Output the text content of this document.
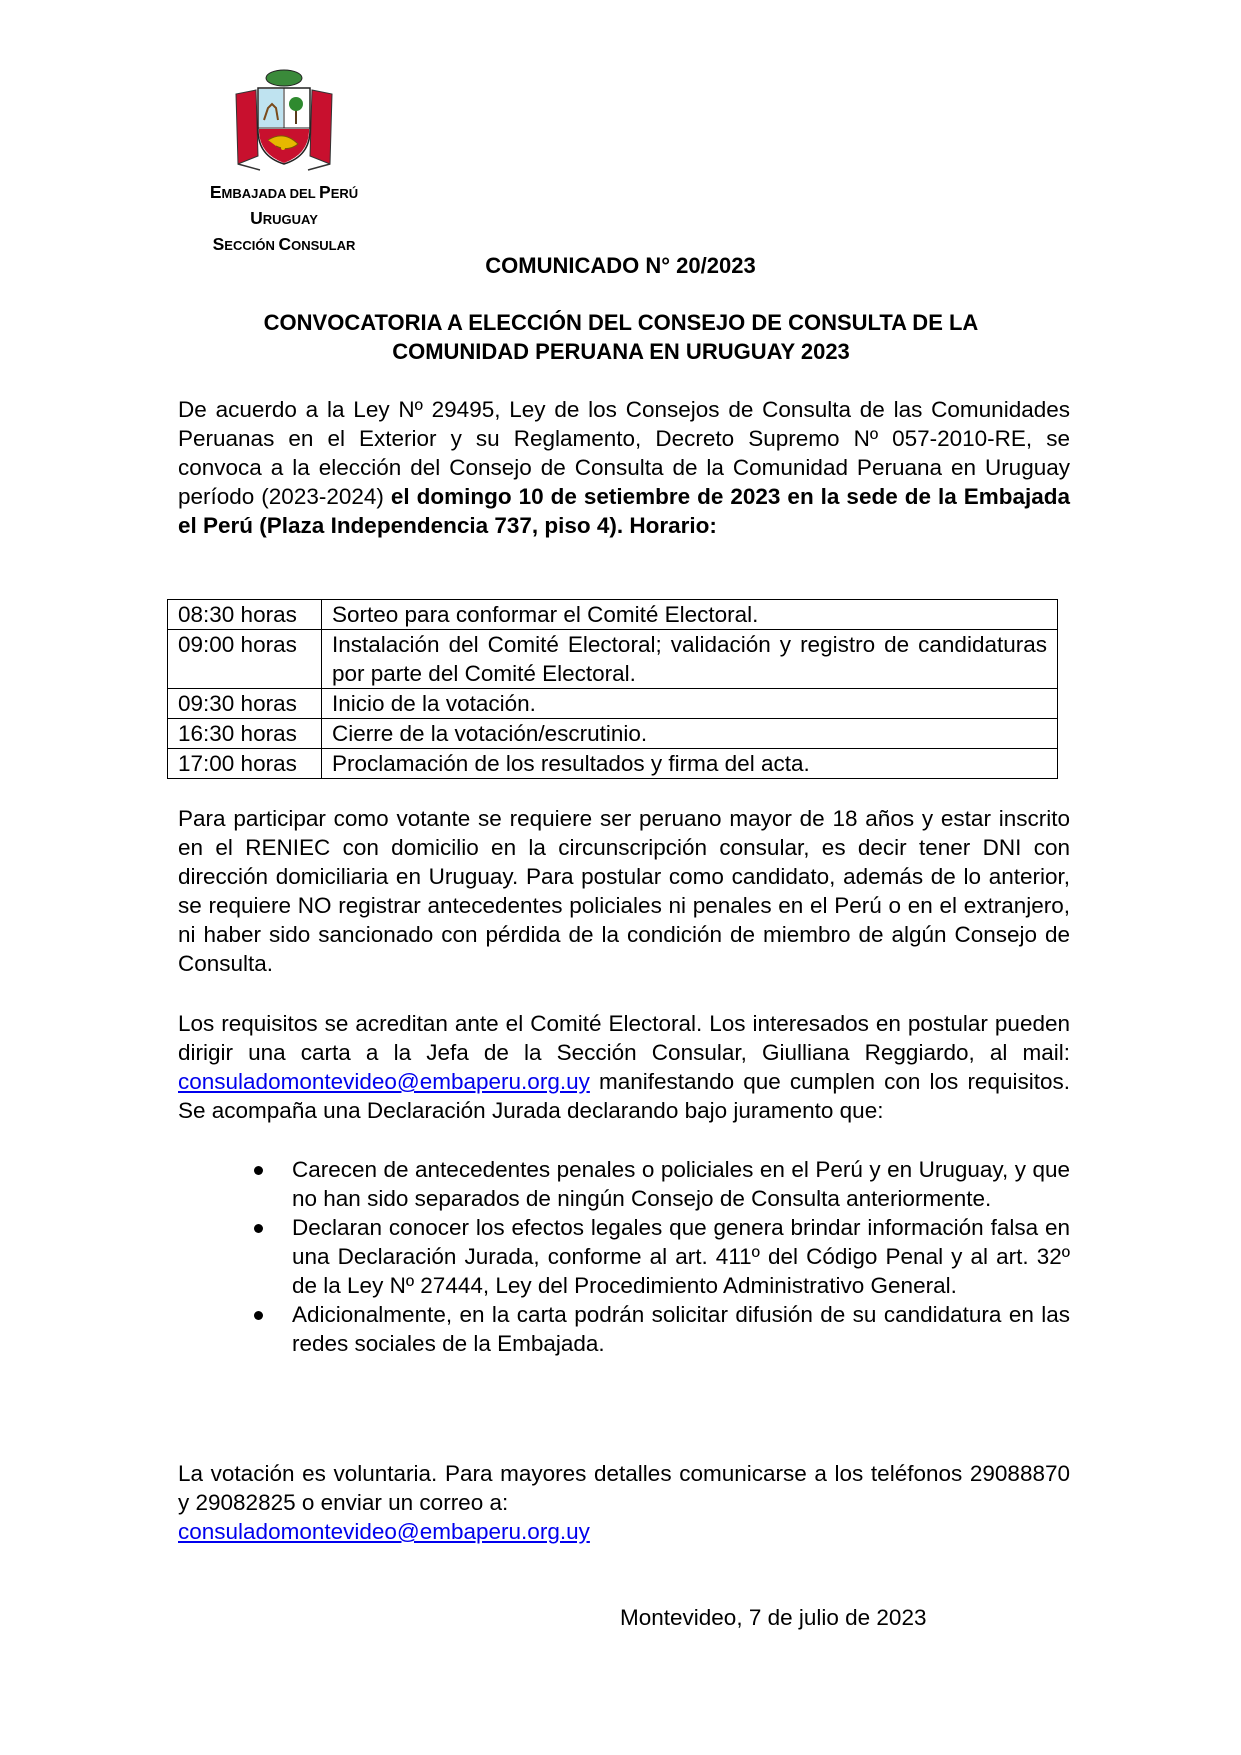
EMBAJADA DEL PERÚ
URUGUAY
SECCIÓN CONSULAR
COMUNICADO N° 20/2023
CONVOCATORIA A ELECCIÓN DEL CONSEJO DE CONSULTA DE LA
COMUNIDAD PERUANA EN URUGUAY 2023
De acuerdo a la Ley Nº 29495, Ley de los Consejos de Consulta de las Comunidades Peruanas en el Exterior y su Reglamento, Decreto Supremo Nº 057-2010-RE, se convoca a la elección del Consejo de Consulta de la Comunidad Peruana en Uruguay período (2023-2024) el domingo 10 de setiembre de 2023 en la sede de la Embajada el Perú (Plaza Independencia 737, piso 4). Horario:
08:30 horas	Sorteo para conformar el Comité Electoral.
09:00 horas	Instalación del Comité Electoral; validación y registro de candidaturas por parte del Comité Electoral.
09:30 horas	Inicio de la votación.
16:30 horas	Cierre de la votación/escrutinio.
17:00 horas	Proclamación de los resultados y firma del acta.
Para participar como votante se requiere ser peruano mayor de 18 años y estar inscrito en el RENIEC con domicilio en la circunscripción consular, es decir tener DNI con dirección domiciliaria en Uruguay. Para postular como candidato, además de lo anterior, se requiere NO registrar antecedentes policiales ni penales en el Perú o en el extranjero, ni haber sido sancionado con pérdida de la condición de miembro de algún Consejo de Consulta.
Los requisitos se acreditan ante el Comité Electoral. Los interesados en postular pueden dirigir una carta a la Jefa de la Sección Consular, Giulliana Reggiardo, al mail: consuladomontevideo@embaperu.org.uy manifestando que cumplen con los requisitos. Se acompaña una Declaración Jurada declarando bajo juramento que:
Carecen de antecedentes penales o policiales en el Perú y en Uruguay, y que no han sido separados de ningún Consejo de Consulta anteriormente.
Declaran conocer los efectos legales que genera brindar información falsa en una Declaración Jurada, conforme al art. 411º del Código Penal y al art. 32º de la Ley Nº 27444, Ley del Procedimiento Administrativo General.
Adicionalmente, en la carta podrán solicitar difusión de su candidatura en las redes sociales de la Embajada.
La votación es voluntaria. Para mayores detalles comunicarse a los teléfonos 29088870 y 29082825 o enviar un correo a:
consuladomontevideo@embaperu.org.uy
Montevideo, 7 de julio de 2023
